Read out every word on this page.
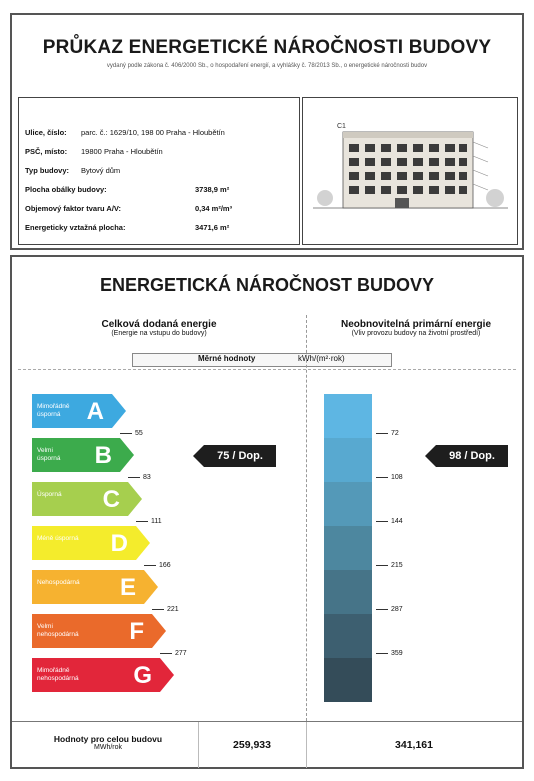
PRŮKAZ ENERGETICKÉ NÁROČNOSTI BUDOVY
vydaný podle zákona č. 406/2000 Sb., o hospodaření energií, a vyhlášky č. 78/2013 Sb., o energetické náročnosti budov
Ulice, číslo: parc. č.: 1629/10, 198 00 Praha - Hloubětín
PSČ, místo: 19800 Praha - Hloubětín
Typ budovy: Bytový dům
Plocha obálky budovy:	3738,9 m²
Objemový faktor tvaru A/V:	0,34 m²/m³
Energeticky vztažná plocha:	3471,6 m²
C1
ENERGETICKÁ NÁROČNOST BUDOVY
Celková dodaná energie
(Energie na vstupu do budovy)
Neobnovitelná primární energie
(Vliv provozu budovy na životní prostředí)
Měrné hodnoty	kWh/(m²·rok)
Mimořádně
úsporná	A
Velmi
úsporná	B
Úsporná	C
Méně úsporná	D
Nehospodárná	E
Velmi
nehospodárná	F
Mimořádně
nehospodárná	G
55
83
111
166
221
277
72
108
144
215
287
359
75 / Dop.	98 / Dop.
Hodnoty pro celou budovu
MWh/rok	259,933	341,161
